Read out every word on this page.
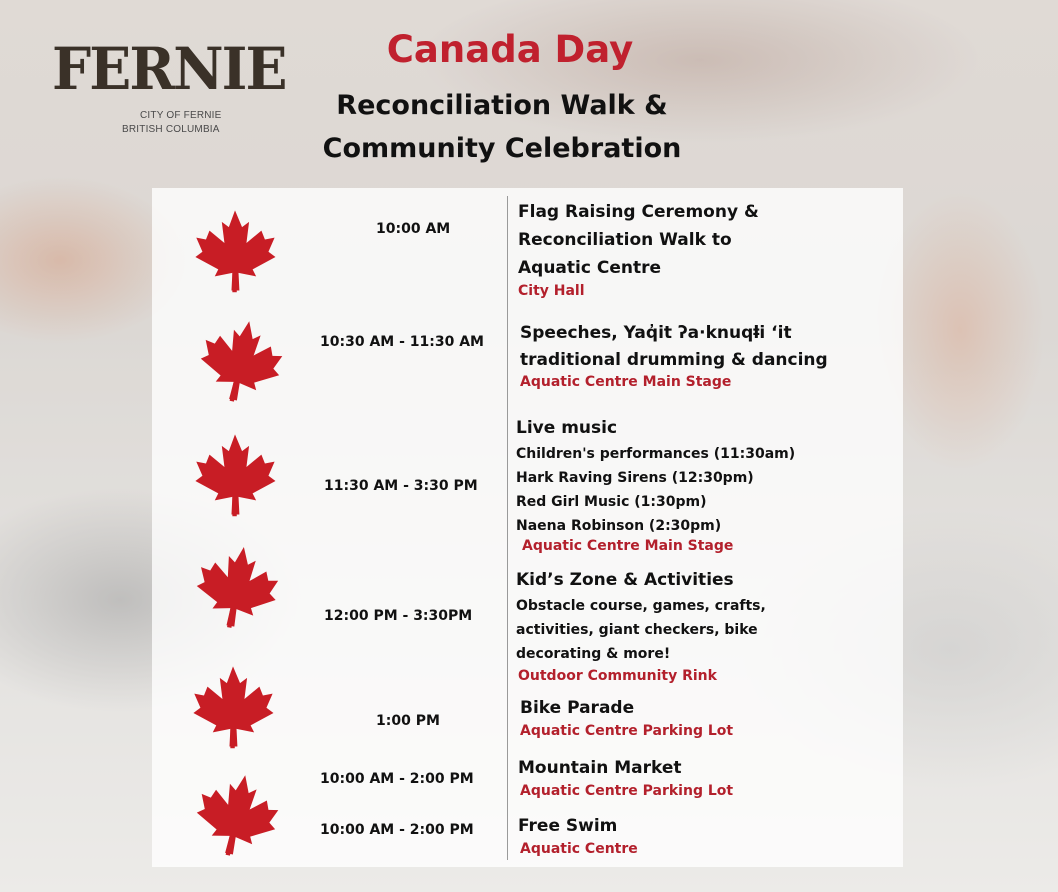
FERNIE
CITY OF FERNIE
BRITISH COLUMBIA
Canada Day
Reconciliation Walk &
Community Celebration
10:00 AM
Flag Raising Ceremony &
Reconciliation Walk to
Aquatic Centre
City Hall
10:30 AM - 11:30 AM Speeches, Yaq̓it ʔa·knuqⱡi ‘it
traditional drumming & dancing
Aquatic Centre Main Stage
11:30 AM - 3:30 PM
Live music
Children's performances (11:30am)
Hark Raving Sirens (12:30pm)
Red Girl Music (1:30pm)
Naena Robinson (2:30pm)
Aquatic Centre Main Stage
12:00 PM - 3:30PM
Kid’s Zone & Activities
Obstacle course, games, crafts,
activities, giant checkers, bike
decorating & more!
Outdoor Community Rink
1:00 PM
Bike Parade
Aquatic Centre Parking Lot
10:00 AM - 2:00 PM
Mountain Market
Aquatic Centre Parking Lot
10:00 AM - 2:00 PM	Free Swim
Aquatic Centre
